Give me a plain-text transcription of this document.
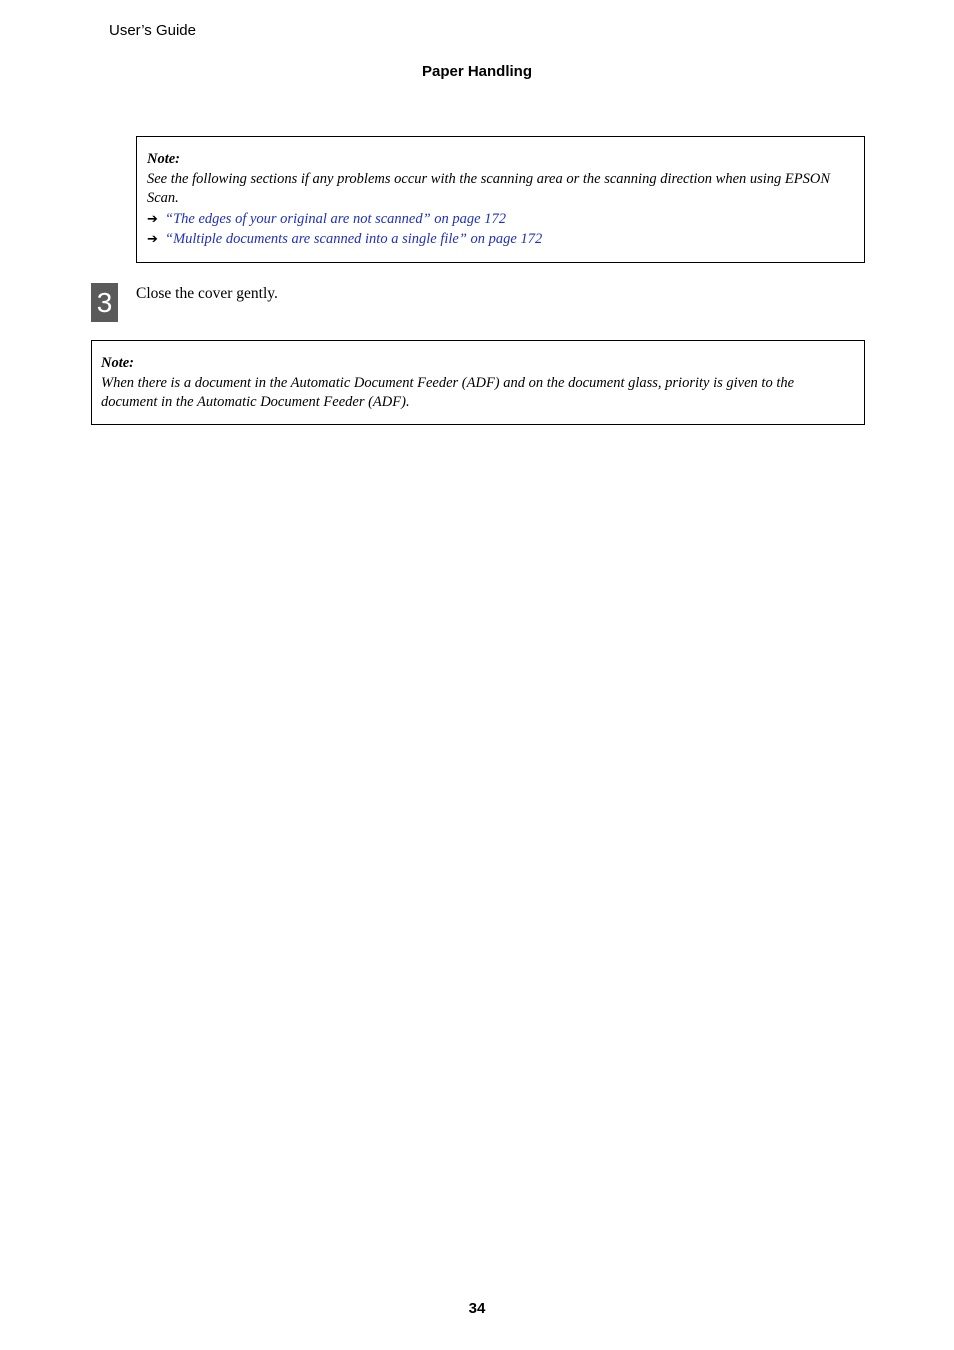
User’s Guide
Paper Handling
Note:
See the following sections if any problems occur with the scanning area or the scanning direction when using EPSON Scan.
➔ “The edges of your original are not scanned” on page 172
➔ “Multiple documents are scanned into a single file” on page 172
3	Close the cover gently.
Note:
When there is a document in the Automatic Document Feeder (ADF) and on the document glass, priority is given to the document in the Automatic Document Feeder (ADF).
34
